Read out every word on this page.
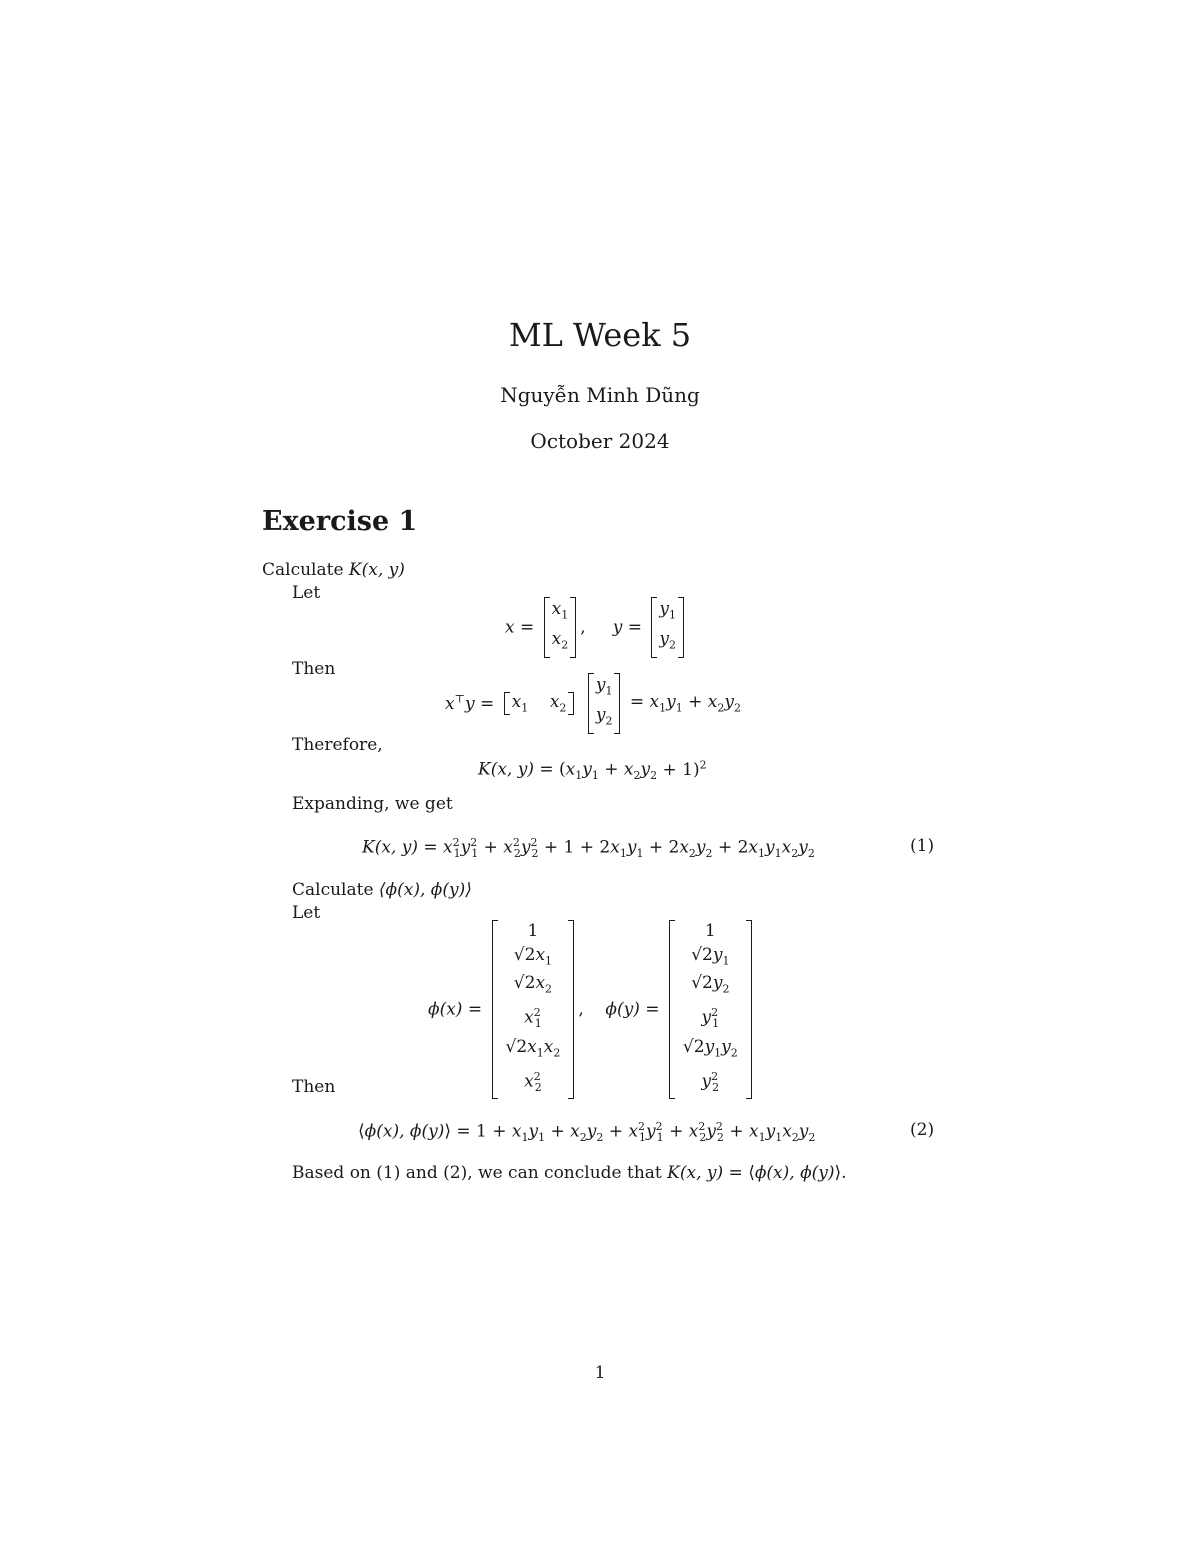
ML Week 5
Nguyễn Minh Dũng
October 2024
Exercise 1
Calculate K(x, y)
Let
x =
$x_1$
$x_2$
,     y =
$y_1$
$y_2$
Then
$x^⊤y = x_1$    $x_2$
$y_1$
$y_2$
= $x_1y_1 + x_2y_2$
Therefore,
K(x, $y) = (x_1y_1 + x_2y_2 + 1)^2$
Expanding, we get
K(x, $y) = x^2_1y^2_1 + x^2_2y^2_2 + 1 + 2x_1y_1 + 2x_2y_2 + 2x_1y_1x_2y_2$	(1)
Calculate ⟨ϕ(x), ϕ(y)⟩
Let
ϕ(x) =
1
$√2x_1$
$√2x_2$
$x^2_1$
$√2x_1x_2$
$x^2_2$
,    ϕ(y) =
1
$√2y_1$
$√2y_2$
$y^2_1$
$√2y_1y_2$
$y^2_2$
Then
⟨ϕ(x), ϕ(y)⟩ = $1 + x_1y_1 + x_2y_2 + x^2_1y^2_1 + x^2_2y^2_2 + x_1y_1x_2y_2$	(2)
Based on (1) and (2), we can conclude that K(x, y) = ⟨ϕ(x), ϕ(y)⟩.
1
